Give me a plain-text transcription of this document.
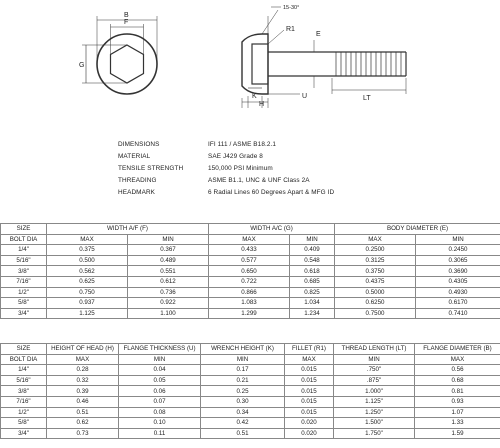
B
F
G
15-30°
R1
E
LT
K	U
H
DIMENSIONS	IFI 111 / ASME B18.2.1
MATERIAL	SAE J429 Grade 8
TENSILE STRENGTH	150,000 PSI Minimum
THREADING	ASME B1.1, UNC & UNF Class 2A
HEADMARK	6 Radial Lines 60 Degrees Apart & MFG ID
SIZE	WIDTH A/F (F)		WIDTH A/C (G)		BODY DIAMETER (E)	
BOLT DIA	MAX	MIN	MAX	MIN	MAX	MIN
1/4"	0.375	0.367	0.433	0.409	0.2500	0.2450
5/16"	0.500	0.489	0.577	0.548	0.3125	0.3065
3/8"	0.562	0.551	0.650	0.618	0.3750	0.3690
7/16"	0.625	0.612	0.722	0.685	0.4375	0.4305
1/2"	0.750	0.736	0.866	0.825	0.5000	0.4930
5/8"	0.937	0.922	1.083	1.034	0.6250	0.6170
3/4"	1.125	1.100	1.299	1.234	0.7500	0.7410
SIZE	HEIGHT OF HEAD (H)	FLANGE THICKNESS (U)	WRENCH HEIGHT (K)	FILLET (R1)	THREAD LENGTH (LT)	FLANGE DIAMETER (B)
BOLT DIA	MAX	MIN	MIN	MAX	MIN	MAX
1/4"	0.28	0.04	0.17	0.015	.750"	0.56
5/16"	0.32	0.05	0.21	0.015	.875"	0.68
3/8"	0.39	0.06	0.25	0.015	1.000"	0.81
7/16"	0.46	0.07	0.30	0.015	1.125"	0.93
1/2"	0.51	0.08	0.34	0.015	1.250"	1.07
5/8"	0.62	0.10	0.42	0.020	1.500"	1.33
3/4"	0.73	0.11	0.51	0.020	1.750"	1.59
